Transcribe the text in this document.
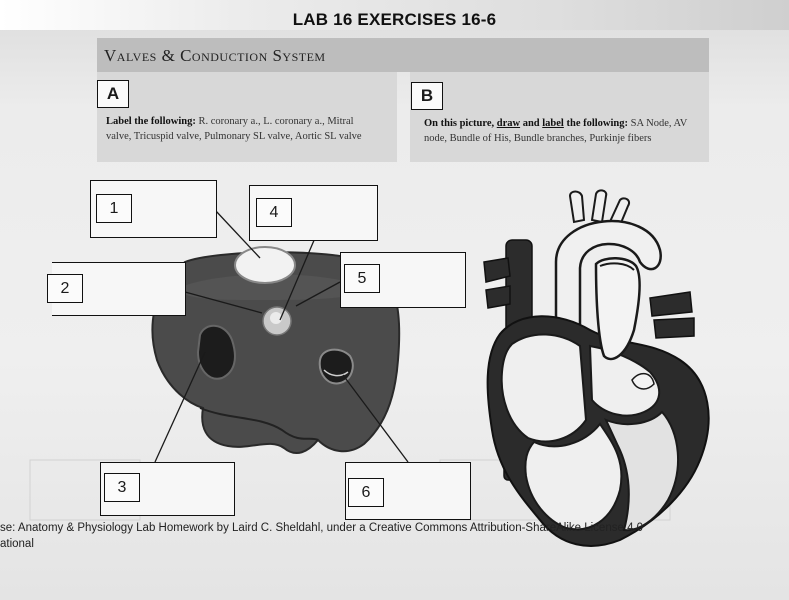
LAB 16 EXERCISES 16-6
Valves & Conduction System
A	B
Label the following: R. coronary a., L. coronary a., Mitral valve, Tricuspid valve, Pulmonary SL valve, Aortic SL valve
On this picture, draw and label the following: SA Node, AV node, Bundle of His, Bundle branches, Purkinje fibers
1
2
3
4
5
6
se: Anatomy & Physiology Lab Homework by Laird C. Sheldahl, under a Creative Commons Attribution-ShareAlike License 4.0
ational
